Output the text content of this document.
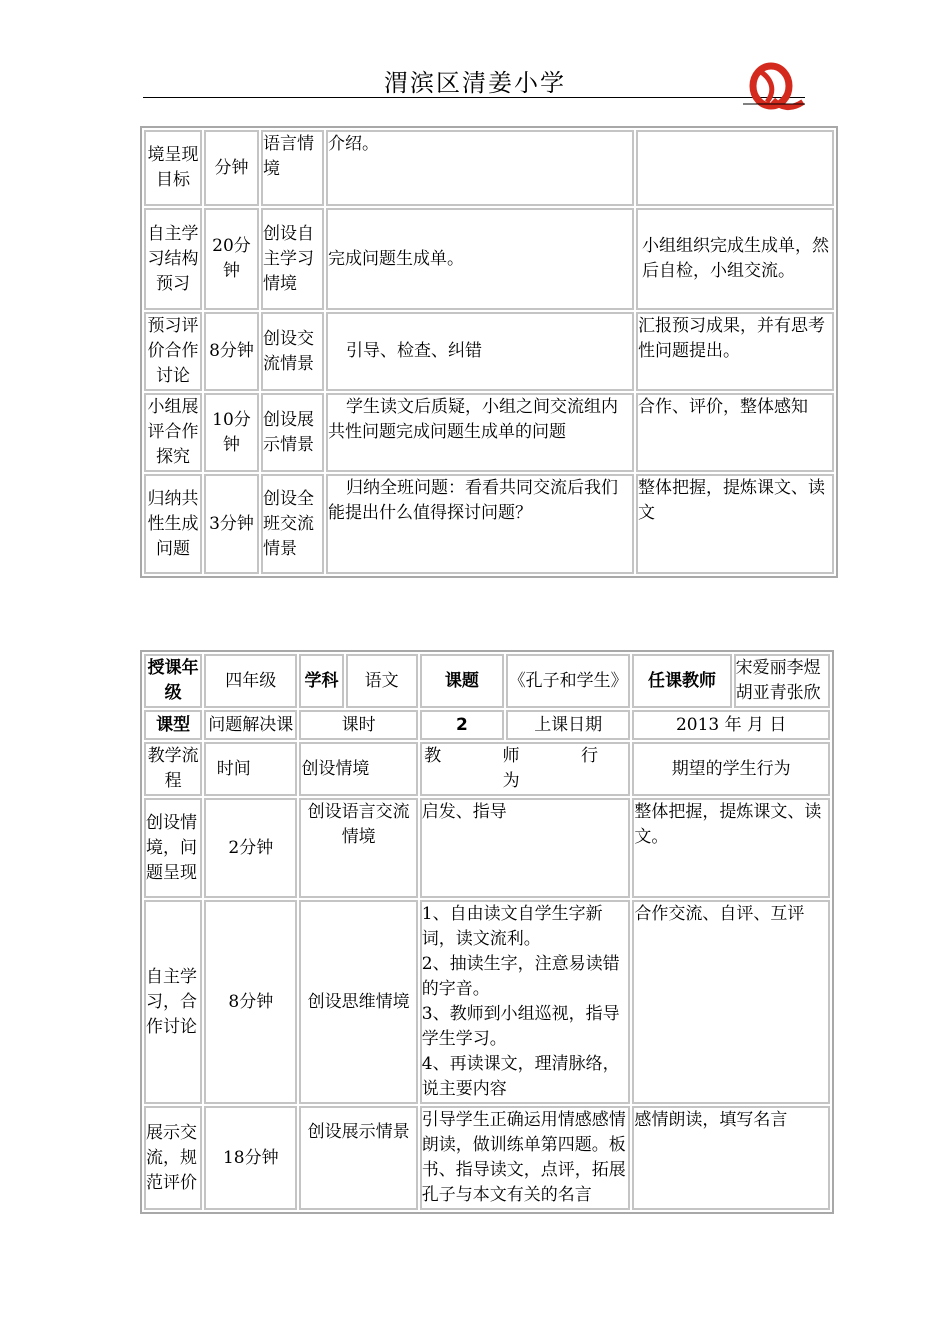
渭滨区清姜小学
境呈现目标	分钟	语言情境	介绍。	
自主学习结构预习	20分钟	创设自主学习情境	完成问题生成单。	小组组织完成生成单，然后自检，小组交流。
预习评价合作讨论	8分钟	创设交流情景	引导、检查、纠错	汇报预习成果，并有思考性问题提出。
小组展评合作探究	10分钟	创设展示情景	学生读文后质疑，小组之间交流组内共性问题完成问题生成单的问题	合作、评价，整体感知
归纳共性生成问题	3分钟	创设全班交流情景	归纳全班问题：看看共同交流后我们能提出什么值得探讨问题？	整体把握，提炼课文、读文
授课年级	四年级	学科	语文	课题	《孔子和学生》	任课教师	宋爱丽李煜胡亚青张欣
课型	问题解决课	课时		2	上课日期	2013 年 月 日	
教学流程	时间	创设情境		教 师 行 为		期望的学生行为	
创设情境，问题呈现	2分钟	创设语言交流情境		启发、指导		整体把握，提炼课文、读文。	
自主学习，合作讨论	8分钟	创设思维情境		1、自由读文自学生字新词，读文流利。
2、抽读生字，注意易读错的字音。
3、教师到小组巡视，指导学生学习。
4、再读课文，理清脉络，说主要内容		合作交流、自评、互评	
展示交流，规范评价	18分钟	创设展示情景		引导学生正确运用情感感情朗读，做训练单第四题。板书、指导读文，点评，拓展孔子与本文有关的名言		感情朗读，填写名言	
